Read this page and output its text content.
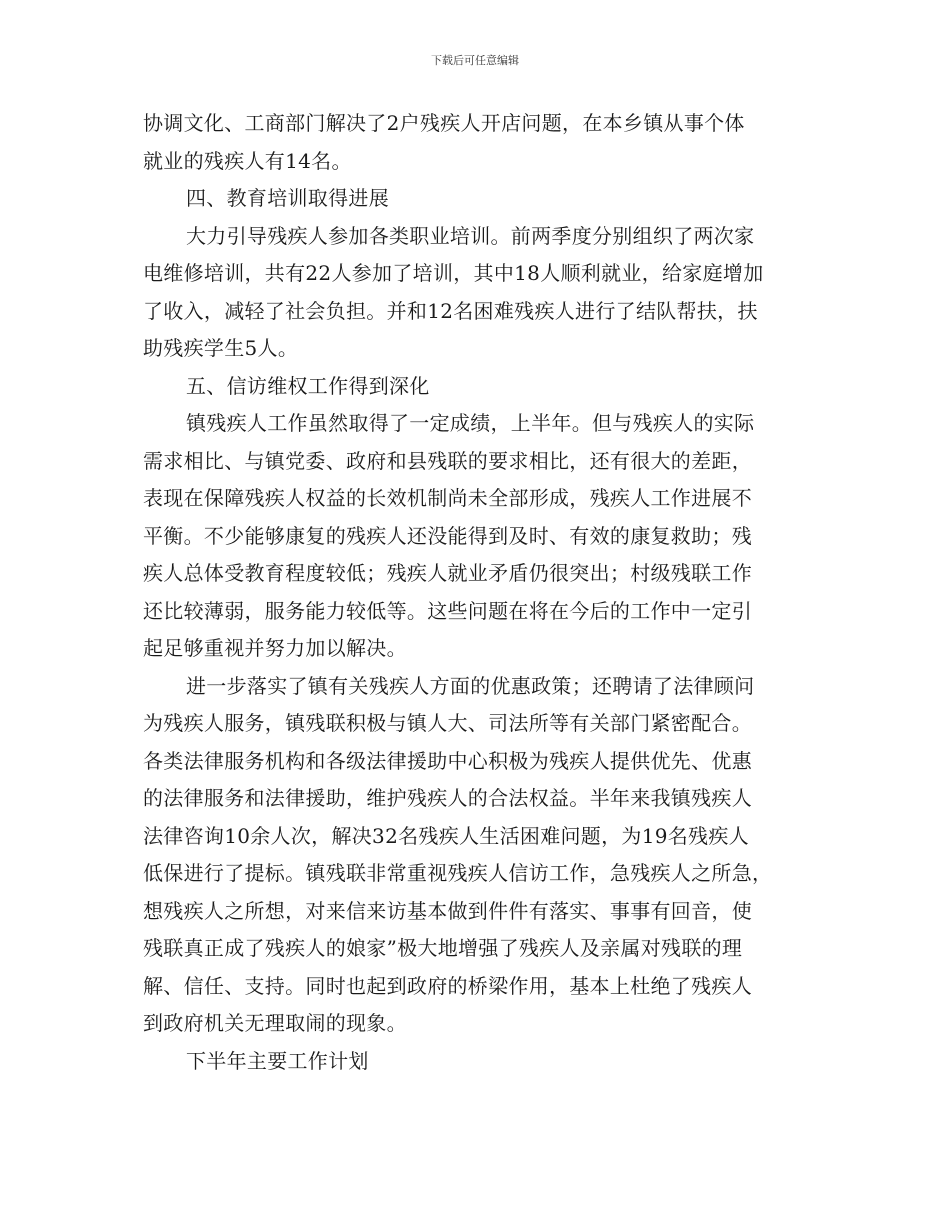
下载后可任意编辑
协调文化、工商部门解决了2户残疾人开店问题，在本乡镇从事个体
就业的残疾人有14名。
四、教育培训取得进展
大力引导残疾人参加各类职业培训。前两季度分别组织了两次家
电维修培训，共有22人参加了培训，其中18人顺利就业，给家庭增加
了收入，减轻了社会负担。并和12名困难残疾人进行了结队帮扶，扶
助残疾学生5人。
五、信访维权工作得到深化
镇残疾人工作虽然取得了一定成绩，上半年。但与残疾人的实际
需求相比、与镇党委、政府和县残联的要求相比，还有很大的差距，
表现在保障残疾人权益的长效机制尚未全部形成，残疾人工作进展不
平衡。不少能够康复的残疾人还没能得到及时、有效的康复救助；残
疾人总体受教育程度较低；残疾人就业矛盾仍很突出；村级残联工作
还比较薄弱，服务能力较低等。这些问题在将在今后的工作中一定引
起足够重视并努力加以解决。
进一步落实了镇有关残疾人方面的优惠政策；还聘请了法律顾问
为残疾人服务，镇残联积极与镇人大、司法所等有关部门紧密配合。
各类法律服务机构和各级法律援助中心积极为残疾人提供优先、优惠
的法律服务和法律援助，维护残疾人的合法权益。半年来我镇残疾人
法律咨询10余人次，解决32名残疾人生活困难问题，为19名残疾人
低保进行了提标。镇残联非常重视残疾人信访工作，急残疾人之所急，
想残疾人之所想，对来信来访基本做到件件有落实、事事有回音，使
残联真正成了残疾人的娘家”极大地增强了残疾人及亲属对残联的理
解、信任、支持。同时也起到政府的桥梁作用，基本上杜绝了残疾人
到政府机关无理取闹的现象。
下半年主要工作计划
